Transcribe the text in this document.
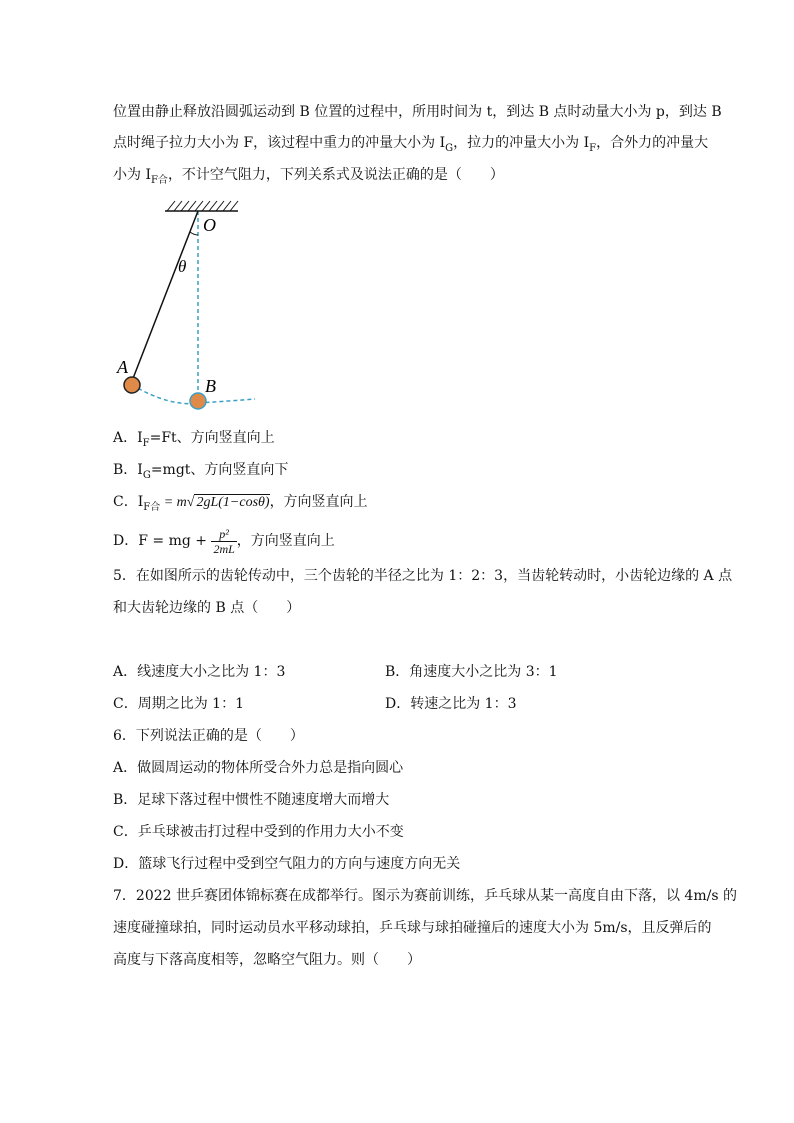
位置由静止释放沿圆弧运动到 B 位置的过程中，所用时间为 t，到达 B 点时动量大小为 p，到达 B
点时绳子拉力大小为 F，该过程中重力的冲量大小为 $I_G$，拉力的冲量大小为 $I_F$，合外力的冲量大
小为 $I_{F合}$，不计空气阻力，下列关系式及说法正确的是（　　）
O
θ
A
B
A．$I_F=Ft$、方向竖直向上
B．$I_G=mgt$、方向竖直向下
C．$I_{F合} = m√$ 2gL(1−cosθ)，方向竖直向上
D．F = mg + $\frac{\text{p²}}{2mL}$ ，方向竖直向上
5．在如图所示的齿轮传动中，三个齿轮的半径之比为 1：2：3，当齿轮转动时，小齿轮边缘的 A 点
和大齿轮边缘的 B 点（　　）
A．线速度大小之比为 1：3	B．角速度大小之比为 3：1
C．周期之比为 1：1	D．转速之比为 1：3
6．下列说法正确的是（　　）
A．做圆周运动的物体所受合外力总是指向圆心
B．足球下落过程中惯性不随速度增大而增大
C．乒乓球被击打过程中受到的作用力大小不变
D．篮球飞行过程中受到空气阻力的方向与速度方向无关
7．2022 世乒赛团体锦标赛在成都举行。图示为赛前训练，乒乓球从某一高度自由下落，以 4m/s 的
速度碰撞球拍，同时运动员水平移动球拍，乒乓球与球拍碰撞后的速度大小为 5m/s，且反弹后的
高度与下落高度相等，忽略空气阻力。则（　　）
